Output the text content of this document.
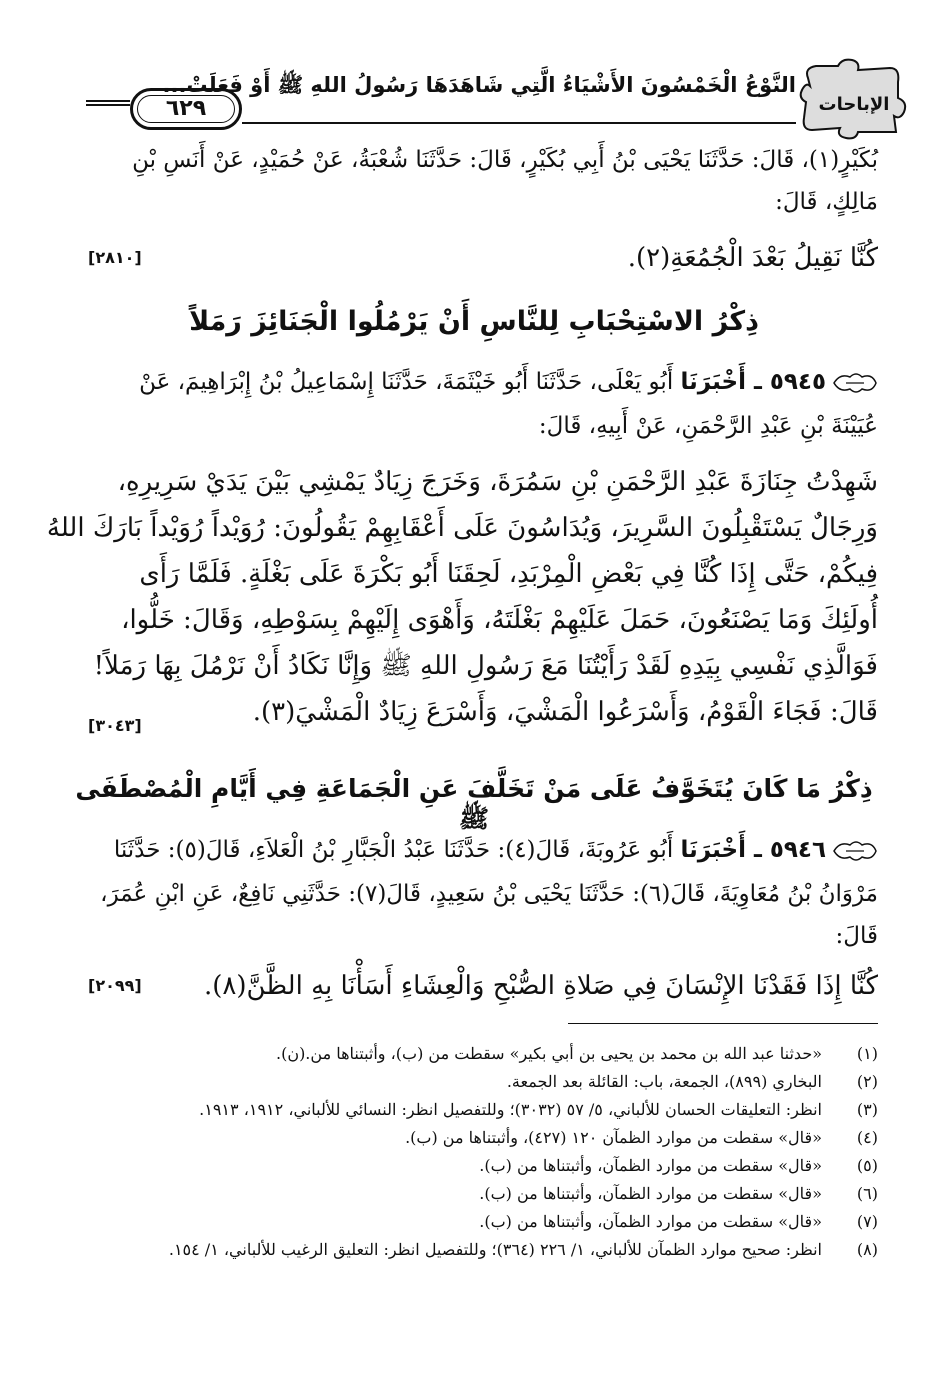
الإباحات
النَّوْعُ الْخَمْسُونَ الأَشْيَاءُ الَّتِي شَاهَدَهَا رَسُولُ اللهِ ﷺ أَوْ فَعَلَتْ...
٦٢٩
بُكَيْرٍ(١)، قَالَ: حَدَّثَنَا يَحْيَى بْنُ أَبِي بُكَيْرٍ، قَالَ: حَدَّثَنَا شُعْبَةُ، عَنْ حُمَيْدٍ، عَنْ أَنَسِ بْنِ
مَالِكٍ، قَالَ:
كُنَّا نَقِيلُ بَعْدَ الْجُمُعَةِ(٢).
[٢٨١٠]
ذِكْرُ الاسْتِحْبَابِ لِلنَّاسِ أَنْ يَرْمُلُوا الْجَنَائِزَ رَمَلاً
٥٩٤٥ ـ أَخْبَرَنَا أَبُو يَعْلَى، حَدَّثَنَا أَبُو خَيْثَمَةَ، حَدَّثَنَا إِسْمَاعِيلُ بْنُ إِبْرَاهِيمَ، عَنْ
عُيَيْنَةَ بْنِ عَبْدِ الرَّحْمَنِ، عَنْ أَبِيهِ، قَالَ:
شَهِدْتُ جِنَازَةَ عَبْدِ الرَّحْمَنِ بْنِ سَمُرَةَ، وَخَرَجَ زِيَادٌ يَمْشِي بَيْنَ يَدَيْ سَرِيرِهِ،
وَرِجَالٌ يَسْتَقْبِلُونَ السَّرِيرَ، وَيُدَاسُونَ عَلَى أَعْقَابِهِمْ يَقُولُونَ: رُوَيْداً رُوَيْداً بَارَكَ اللهُ
فِيكُمْ، حَتَّى إِذَا كُنَّا فِي بَعْضِ الْمِرْبَدِ، لَحِقَنَا أَبُو بَكْرَةَ عَلَى بَغْلَةٍ. فَلَمَّا رَأَى
أُولَئِكَ وَمَا يَصْنَعُونَ، حَمَلَ عَلَيْهِمْ بَغْلَتَهُ، وَأَهْوَى إِلَيْهِمْ بِسَوْطِهِ، وَقَالَ: خَلُّوا،
فَوَالَّذِي نَفْسِي بِيَدِهِ لَقَدْ رَأَيْتُنَا مَعَ رَسُولِ اللهِ ﷺ وَإِنَّا نَكَادُ أَنْ نَرْمُلَ بِهَا رَمَلاً!
قَالَ: فَجَاءَ الْقَوْمُ، وَأَسْرَعُوا الْمَشْيَ، وَأَسْرَعَ زِيَادٌ الْمَشْيَ(٣).
[٣٠٤٣]
ذِكْرُ مَا كَانَ يُتَخَوَّفُ عَلَى مَنْ تَخَلَّفَ عَنِ الْجَمَاعَةِ فِي أَيَّامِ الْمُصْطَفَى ﷺ
٥٩٤٦ ـ أَخْبَرَنَا أَبُو عَرُوبَةَ، قَالَ(٤): حَدَّثَنَا عَبْدُ الْجَبَّارِ بْنُ الْعَلاَءِ، قَالَ(٥): حَدَّثَنَا
مَرْوَانُ بْنُ مُعَاوِيَةَ، قَالَ(٦): حَدَّثَنَا يَحْيَى بْنُ سَعِيدٍ، قَالَ(٧): حَدَّثَنِي نَافِعٌ، عَنِ ابْنِ عُمَرَ،
قَالَ:
كُنَّا إِذَا فَقَدْنَا الإِنْسَانَ فِي صَلاةِ الصُّبْحِ وَالْعِشَاءِ أَسَأْنَا بِهِ الظَّنَّ(٨).
[٢٠٩٩]
(١)
«حدثنا عبد الله بن محمد بن يحيى بن أبي بكير» سقطت من (ب)، وأثبتناها من.(ن).
(٢)
البخاري (٨٩٩)، الجمعة، باب: القائلة بعد الجمعة.
(٣)
انظر: التعليقات الحسان للألباني، ٥/ ٥٧ (٣٠٣٢)؛ وللتفصيل انظر: النسائي للألباني، ١٩١٢، ١٩١٣.
(٤)
«قال» سقطت من موارد الظمآن ١٢٠ (٤٢٧)، وأثبتناها من (ب).
(٥)
«قال» سقطت من موارد الظمآن، وأثبتناها من (ب).
(٦)
«قال» سقطت من موارد الظمآن، وأثبتناها من (ب).
(٧)
«قال» سقطت من موارد الظمآن، وأثبتناها من (ب).
(٨)
انظر: صحيح موارد الظمآن للألباني، ١/ ٢٢٦ (٣٦٤)؛ وللتفصيل انظر: التعليق الرغيب للألباني، ١/ ١٥٤.
